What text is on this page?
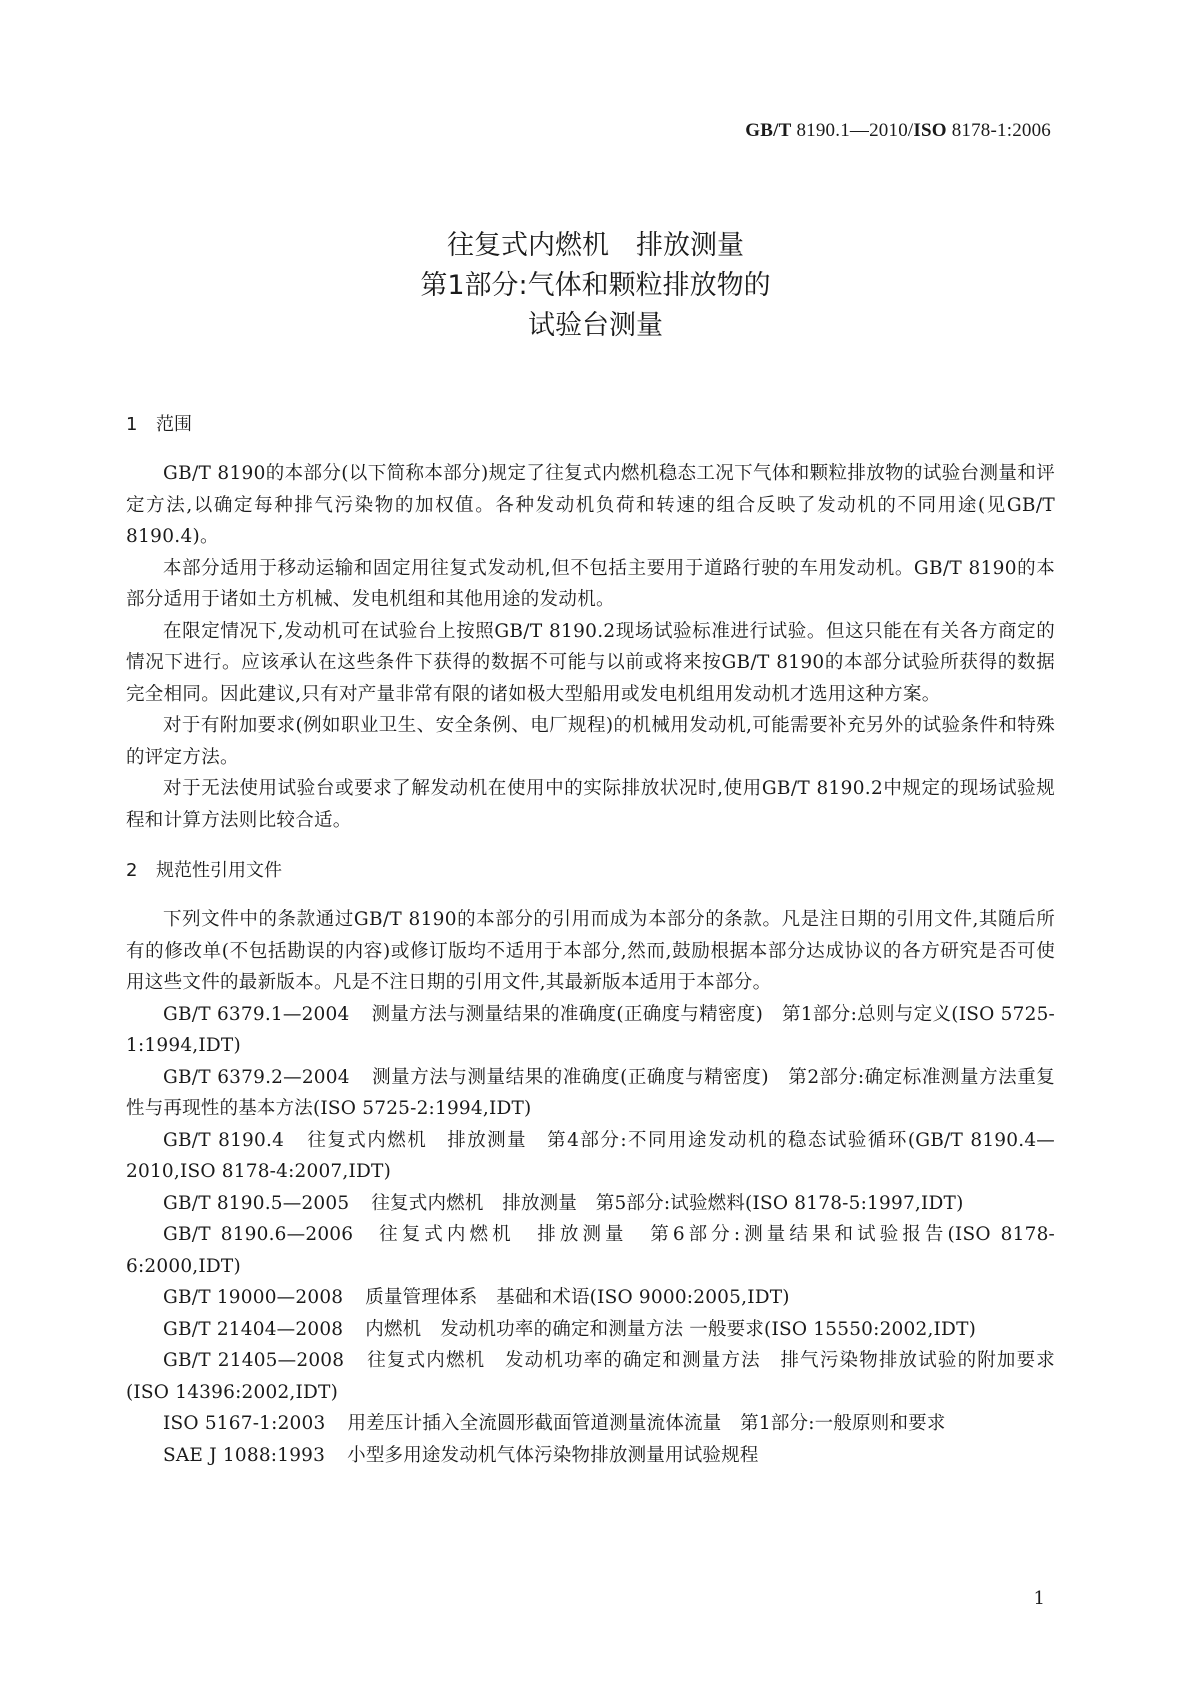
GB/T 8190.1—2010/ISO 8178-1:2006
往复式内燃机　排放测量
第1部分:气体和颗粒排放物的
试验台测量
1 范围

GB/T 8190的本部分(以下简称本部分)规定了往复式内燃机稳态工况下气体和颗粒排放物的试验台测量和评定方法,以确定每种排气污染物的加权值。各种发动机负荷和转速的组合反映了发动机的不同用途(见GB/T 8190.4)。

本部分适用于移动运输和固定用往复式发动机,但不包括主要用于道路行驶的车用发动机。GB/T 8190的本部分适用于诸如土方机械、发电机组和其他用途的发动机。

在限定情况下,发动机可在试验台上按照GB/T 8190.2现场试验标准进行试验。但这只能在有关各方商定的情况下进行。应该承认在这些条件下获得的数据不可能与以前或将来按GB/T 8190的本部分试验所获得的数据完全相同。因此建议,只有对产量非常有限的诸如极大型船用或发电机组用发动机才选用这种方案。

对于有附加要求(例如职业卫生、安全条例、电厂规程)的机械用发动机,可能需要补充另外的试验条件和特殊的评定方法。

对于无法使用试验台或要求了解发动机在使用中的实际排放状况时,使用GB/T 8190.2中规定的现场试验规程和计算方法则比较合适。

2 规范性引用文件

下列文件中的条款通过GB/T 8190的本部分的引用而成为本部分的条款。凡是注日期的引用文件,其随后所有的修改单(不包括勘误的内容)或修订版均不适用于本部分,然而,鼓励根据本部分达成协议的各方研究是否可使用这些文件的最新版本。凡是不注日期的引用文件,其最新版本适用于本部分。

GB/T 6379.1—2004 测量方法与测量结果的准确度(正确度与精密度)　第1部分:总则与定义(ISO 5725-1:1994,IDT)
GB/T 6379.2—2004 测量方法与测量结果的准确度(正确度与精密度)　第2部分:确定标准测量方法重复性与再现性的基本方法(ISO 5725-2:1994,IDT)
GB/T 8190.4 往复式内燃机　排放测量　第4部分:不同用途发动机的稳态试验循环(GB/T 8190.4—2010,ISO 8178-4:2007,IDT)
GB/T 8190.5—2005 往复式内燃机　排放测量　第5部分:试验燃料(ISO 8178-5:1997,IDT)
GB/T 8190.6—2006 往复式内燃机　排放测量　第6部分:测量结果和试验报告(ISO 8178-6:2000,IDT)
GB/T 19000—2008 质量管理体系　基础和术语(ISO 9000:2005,IDT)
GB/T 21404—2008 内燃机　发动机功率的确定和测量方法 一般要求(ISO 15550:2002,IDT)
GB/T 21405—2008 往复式内燃机　发动机功率的确定和测量方法　排气污染物排放试验的附加要求(ISO 14396:2002,IDT)
ISO 5167-1:2003 用差压计插入全流圆形截面管道测量流体流量　第1部分:一般原则和要求
SAE J 1088:1993 小型多用途发动机气体污染物排放测量用试验规程
1
